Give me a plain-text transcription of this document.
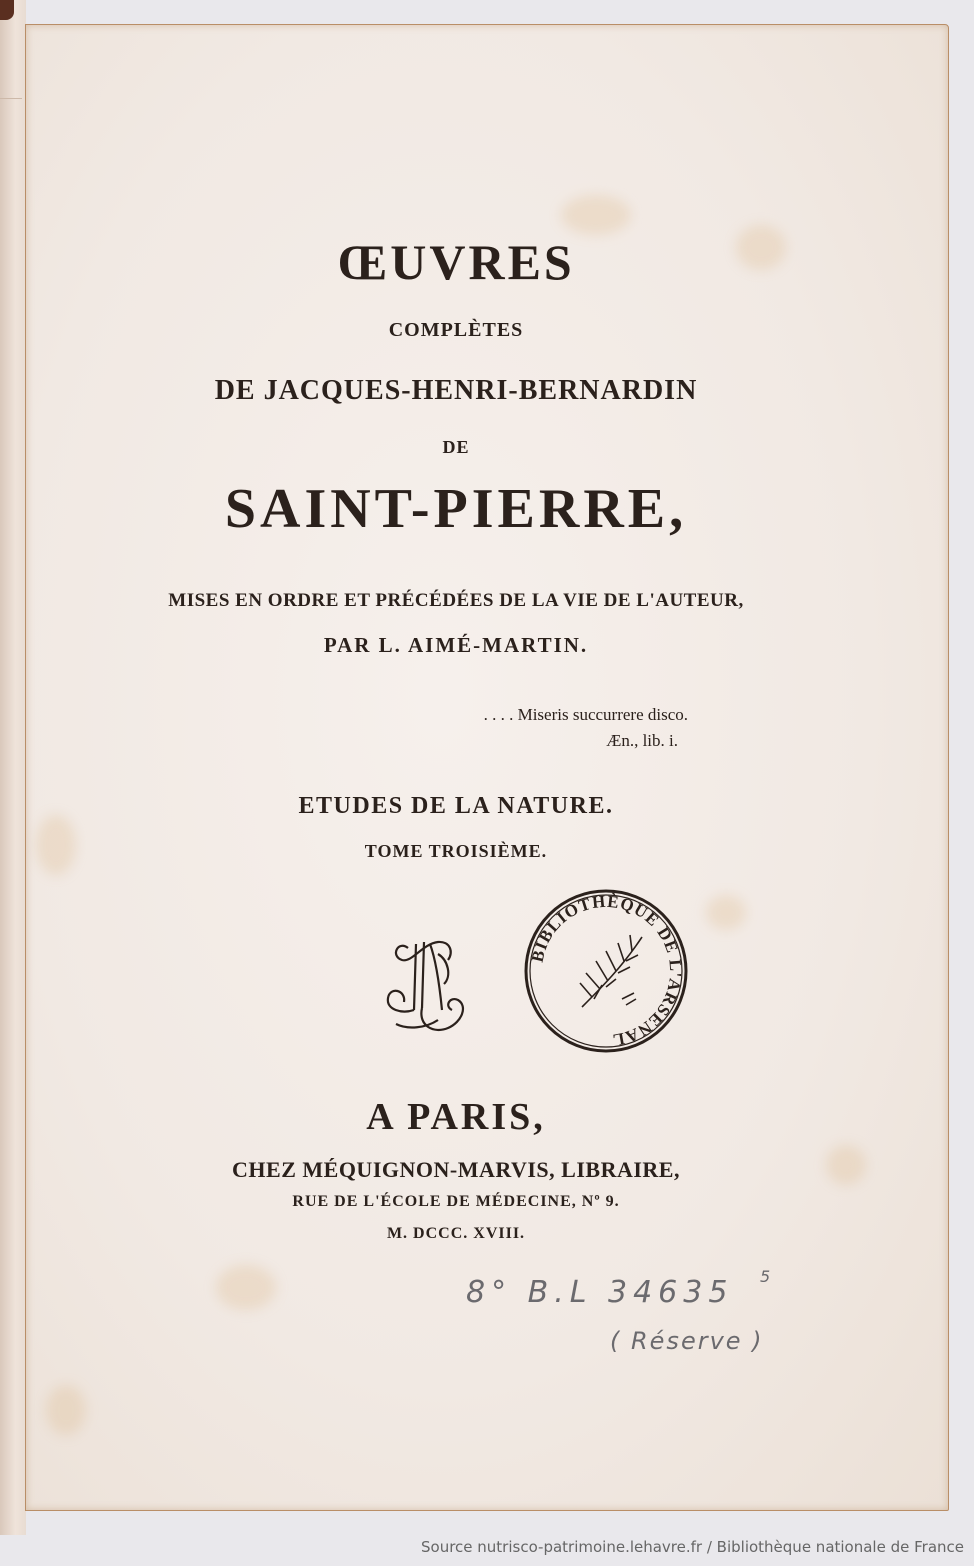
ŒUVRES
COMPLÈTES
DE JACQUES-HENRI-BERNARDIN
DE
SAINT-PIERRE,
MISES EN ORDRE ET PRÉCÉDÉES DE LA VIE DE L'AUTEUR,
PAR L. AIMÉ-MARTIN.
. . . . Miseris succurrere disco.
Æn., lib. i.
ETUDES DE LA NATURE.
TOME TROISIÈME.
BIBLIOTHÈQUE DE L'ARSENAL
A PARIS,
CHEZ MÉQUIGNON-MARVIS, LIBRAIRE,
RUE DE L'ÉCOLE DE MÉDECINE, Nº 9.
M. DCCC. XVIII.
8° B.L 34635 5
( Réserve )
Source nutrisco-patrimoine.lehavre.fr / Bibliothèque nationale de France
